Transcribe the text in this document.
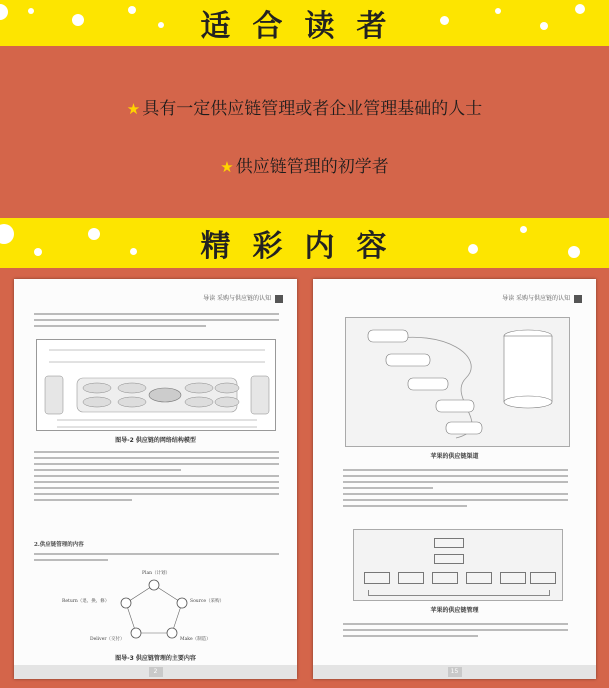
适合读者
★ 具有一定供应链管理或者企业管理基础的人士
★ 供应链管理的初学者
精彩内容
导读 采购与供应链的认知
图导-2 供应链的网络结构模型
2.供应链管理的内容
Plan（计划）
Source（采购）
Make（制造）
Deliver（交付）
Return（退、换、修）
图导-3 供应链管理的主要内容
2
导读 采购与供应链的认知
苹果的供应链渠道
苹果的供应链管理
15
